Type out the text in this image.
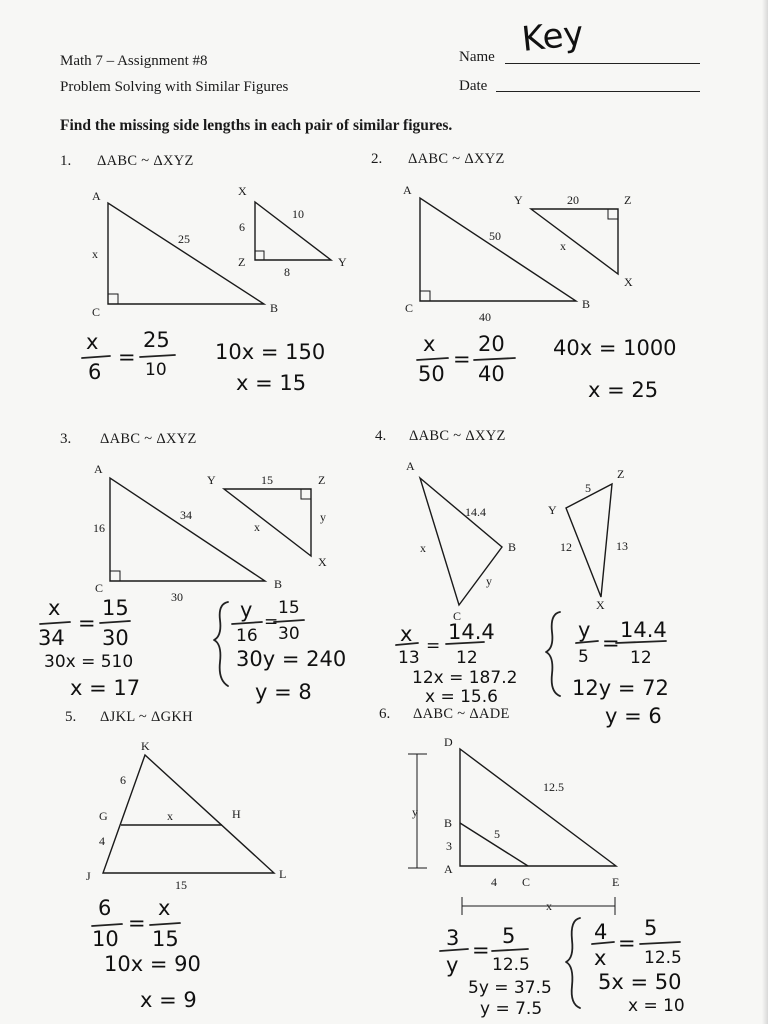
Math 7 – Assignment #8
Problem Solving with Similar Figures
Name Key
Date
Find the missing side lengths in each pair of similar figures.
1. ΔABC ~ ΔXYZ	2. ΔABC ~ ΔXYZ
3. ΔABC ~ ΔXYZ	4. ΔABC ~ ΔXYZ
5. ΔJKL ~ ΔGKH	6. ΔABC ~ ΔADE
A
C	B
x
25
X
Z	Y
6
10
8
A
C	B
50
40
Y	Z
X
20
x
A
C	B
16
34
30
Y	Z
X
15
x
y
A
B
C
14.4
x
y
Y
Z
X
5
12	13
K
G	H
J	L
6
4
x
15
D
B
A
C	E
12.5
5
3
4
y
x
x
6
=
25
10
10x = 150
x = 15
x
50
=
20
40
40x = 1000
x = 25
x
34
=
15
30
30x = 510
x = 17
y
16
=
15
30
30y = 240
y = 8
x
13
=
14.4
12
12x = 187.2
x = 15.6
y
5
=
14.4
12
12y = 72
y = 6
6
10
=
x
15
10x = 90
x = 9
3
y
=
5
12.5
5y = 37.5
y = 7.5
4
x
=
5
12.5
5x = 50
x = 10
